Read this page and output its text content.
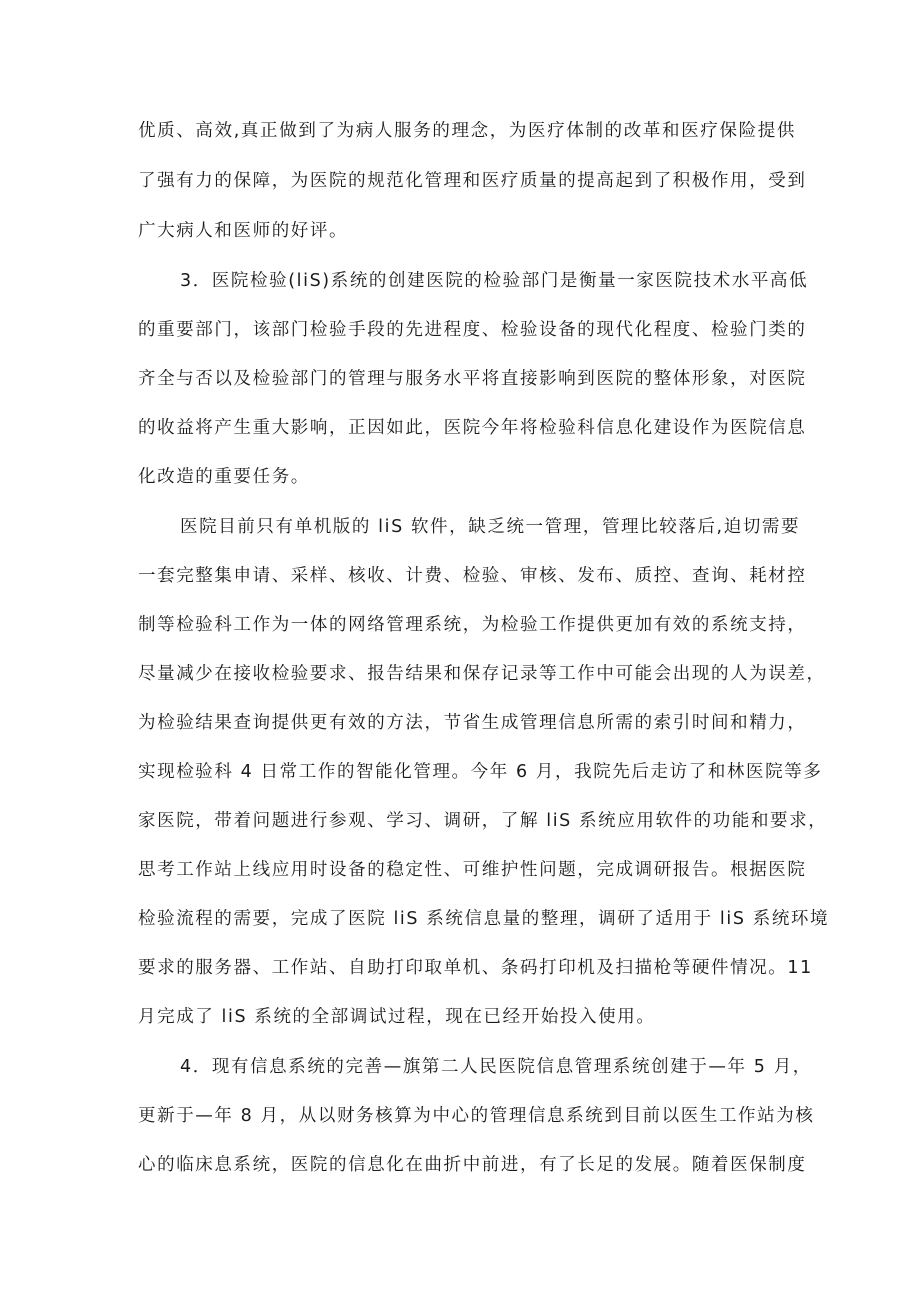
优质、高效,真正做到了为病人服务的理念，为医疗体制的改革和医疗保险提供
了强有力的保障，为医院的规范化管理和医疗质量的提高起到了积极作用，受到
广大病人和医师的好评。
3．医院检验(liS)系统的创建医院的检验部门是衡量一家医院技术水平高低
的重要部门，该部门检验手段的先进程度、检验设备的现代化程度、检验门类的
齐全与否以及检验部门的管理与服务水平将直接影响到医院的整体形象，对医院
的收益将产生重大影响，正因如此，医院今年将检验科信息化建设作为医院信息
化改造的重要任务。
医院目前只有单机版的 liS 软件，缺乏统一管理，管理比较落后,迫切需要
一套完整集申请、采样、核收、计费、检验、审核、发布、质控、查询、耗材控
制等检验科工作为一体的网络管理系统，为检验工作提供更加有效的系统支持，
尽量减少在接收检验要求、报告结果和保存记录等工作中可能会出现的人为误差，
为检验结果查询提供更有效的方法，节省生成管理信息所需的索引时间和精力，
实现检验科 4 日常工作的智能化管理。今年 6 月，我院先后走访了和林医院等多
家医院，带着问题进行参观、学习、调研，了解 liS 系统应用软件的功能和要求，
思考工作站上线应用时设备的稳定性、可维护性问题，完成调研报告。根据医院
检验流程的需要，完成了医院 liS 系统信息量的整理，调研了适用于 liS 系统环境
要求的服务器、工作站、自助打印取单机、条码打印机及扫描枪等硬件情况。11
月完成了 liS 系统的全部调试过程，现在已经开始投入使用。
4．现有信息系统的完善—旗第二人民医院信息管理系统创建于—年 5 月，
更新于—年 8 月，从以财务核算为中心的管理信息系统到目前以医生工作站为核
心的临床息系统，医院的信息化在曲折中前进，有了长足的发展。随着医保制度
